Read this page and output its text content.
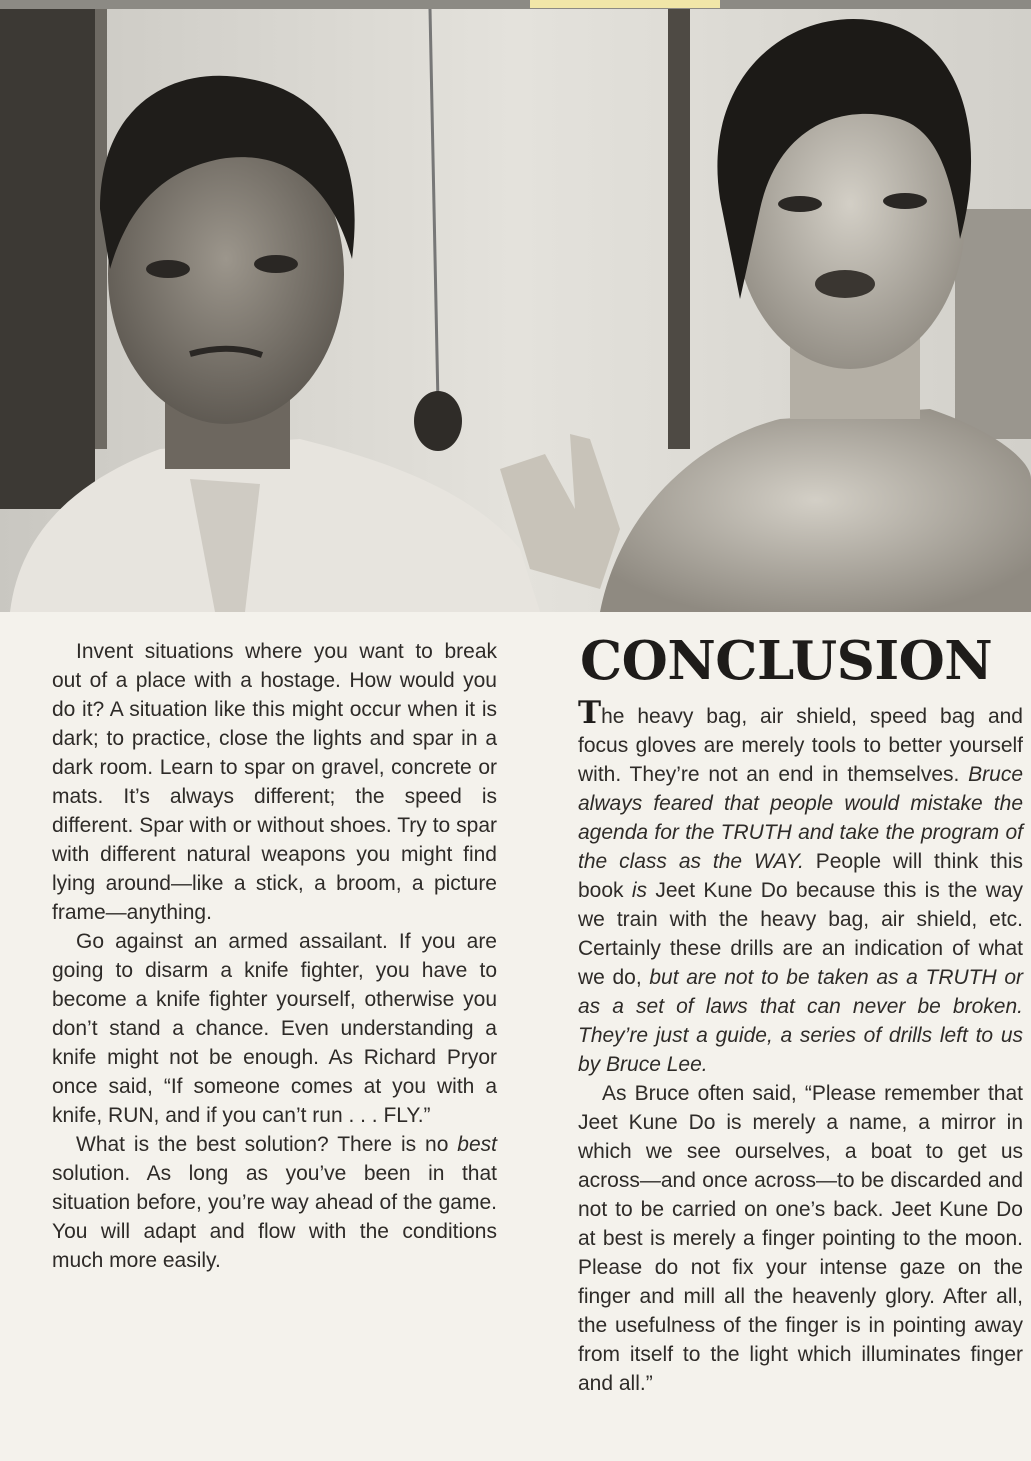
Invent situations where you want to break out of a place with a hostage. How would you do it? A situation like this might occur when it is dark; to practice, close the lights and spar in a dark room. Learn to spar on gravel, concrete or mats. It’s always different; the speed is different. Spar with or without shoes. Try to spar with different natural weapons you might find lying around—like a stick, a broom, a picture frame—anything.

Go against an armed assailant. If you are going to disarm a knife fighter, you have to become a knife fighter yourself, otherwise you don’t stand a chance. Even understanding a knife might not be enough. As Richard Pryor once said, “If someone comes at you with a knife, RUN, and if you can’t run . . . FLY.”

What is the best solution? There is no best solution. As long as you’ve been in that situation before, you’re way ahead of the game. You will adapt and flow with the conditions much more easily.

CONCLUSION

The heavy bag, air shield, speed bag and focus gloves are merely tools to better yourself with. They’re not an end in themselves. Bruce always feared that people would mistake the agenda for the TRUTH and take the program of the class as the WAY. People will think this book is Jeet Kune Do because this is the way we train with the heavy bag, air shield, etc. Certainly these drills are an indication of what we do, but are not to be taken as a TRUTH or as a set of laws that can never be broken. They’re just a guide, a series of drills left to us by Bruce Lee.

As Bruce often said, “Please remember that Jeet Kune Do is merely a name, a mirror in which we see ourselves, a boat to get us across—and once across—to be discarded and not to be carried on one’s back. Jeet Kune Do at best is merely a finger pointing to the moon. Please do not fix your intense gaze on the finger and mill all the heavenly glory. After all, the usefulness of the finger is in pointing away from itself to the light which illuminates finger and all.”
